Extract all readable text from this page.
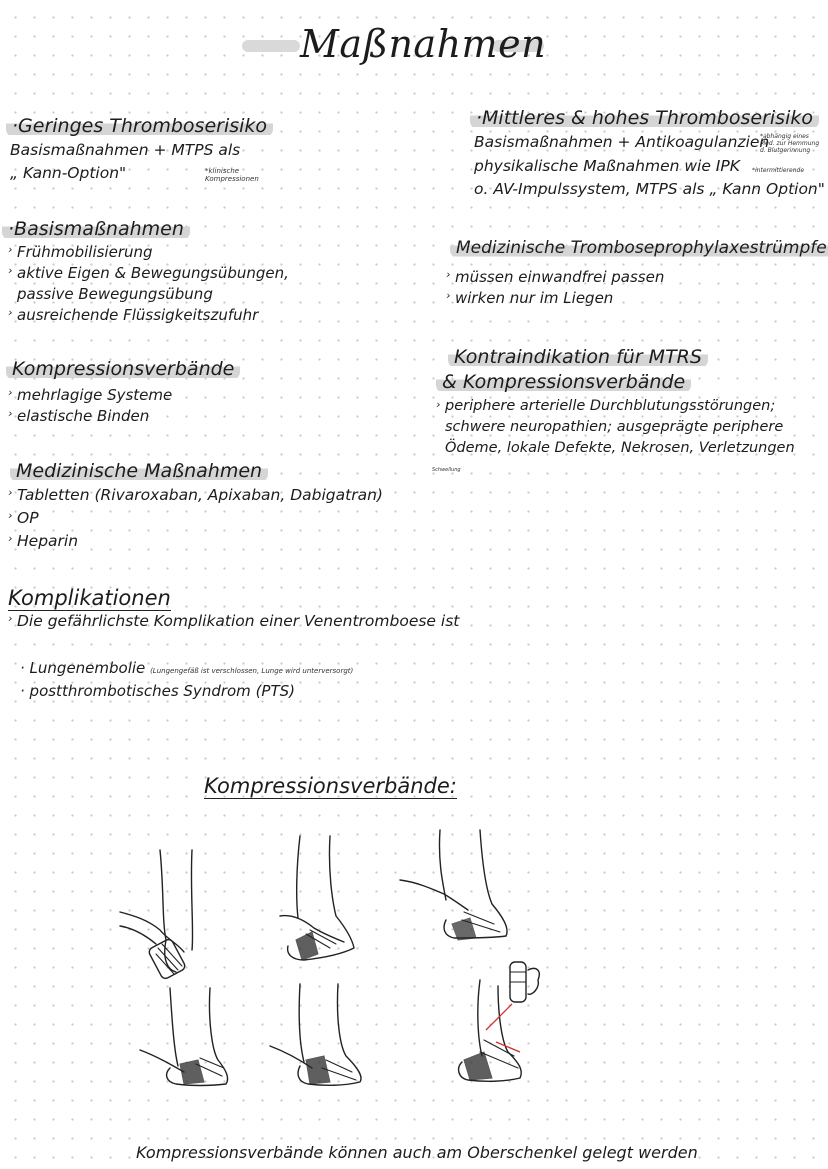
Maßnahmen
·Geringes Thromboserisiko
Basismaßnahmen + MTPS als
„ Kann-Option"	*klinische Kompressionen
·Basismaßnahmen
› Frühmobilisierung
› aktive Eigen & Bewegungsübungen,
passive Bewegungsübung
› ausreichende Flüssigkeitszufuhr
Kompressionsverbände
› mehrlagige Systeme
› elastische Binden
Medizinische Maßnahmen
› Tabletten (Rivaroxaban, Apixaban, Dabigatran)
› OP
› Heparin
·Mittleres & hohes Thromboserisiko
Basismaßnahmen + Antikoagulanzien
*abhängig eines Med. zur Hemmung d. Blutgerinnung
physikalische Maßnahmen wie IPK *intermittierende
o. AV-Impulssystem, MTPS als „ Kann Option"
Medizinische Tromboseprophylaxestrümpfe
› müssen einwandfrei passen
› wirken nur im Liegen
Kontraindikation für MTRS
& Kompressionsverbände
› periphere arterielle Durchblutungsstörungen;
schwere neuropathien; ausgeprägte periphere
Ödeme, lokale Defekte, Nekrosen, Verletzungen
Schwellung
Komplikationen
› Die gefährlichste Komplikation einer Venentromboese ist
· Lungenembolie (Lungengefäß ist verschlossen, Lunge wird unterversorgt)
· postthrombotisches Syndrom (PTS)
Kompressionsverbände:
Kompressionsverbände können auch am Oberschenkel gelegt werden
